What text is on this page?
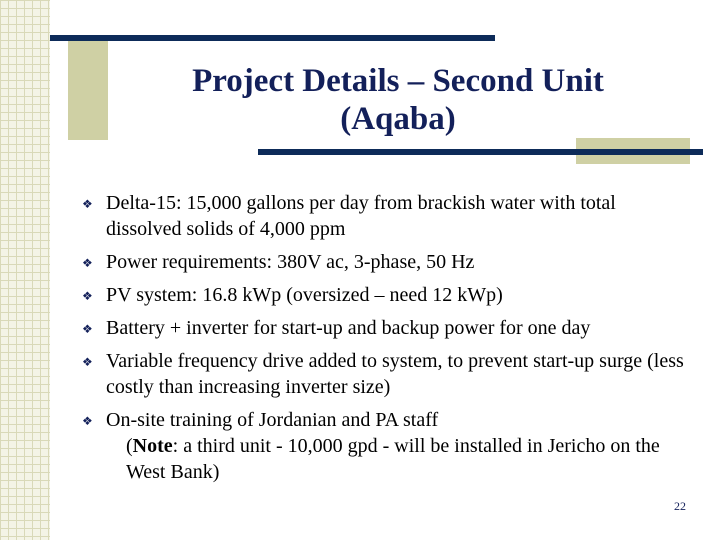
Project Details – Second Unit
(Aqaba)
❖ Delta-15: 15,000 gallons per day from brackish water with total dissolved solids of 4,000 ppm
❖ Power requirements: 380V ac, 3-phase, 50 Hz
❖ PV system: 16.8 kWp (oversized – need 12 kWp)
❖ Battery + inverter for start-up and backup power for one day
❖ Variable frequency drive added to system, to prevent start-up surge (less costly than increasing inverter size)
❖ On-site training of Jordanian and PA staff
(Note: a third unit - 10,000 gpd - will be installed in Jericho on the West Bank)
22
